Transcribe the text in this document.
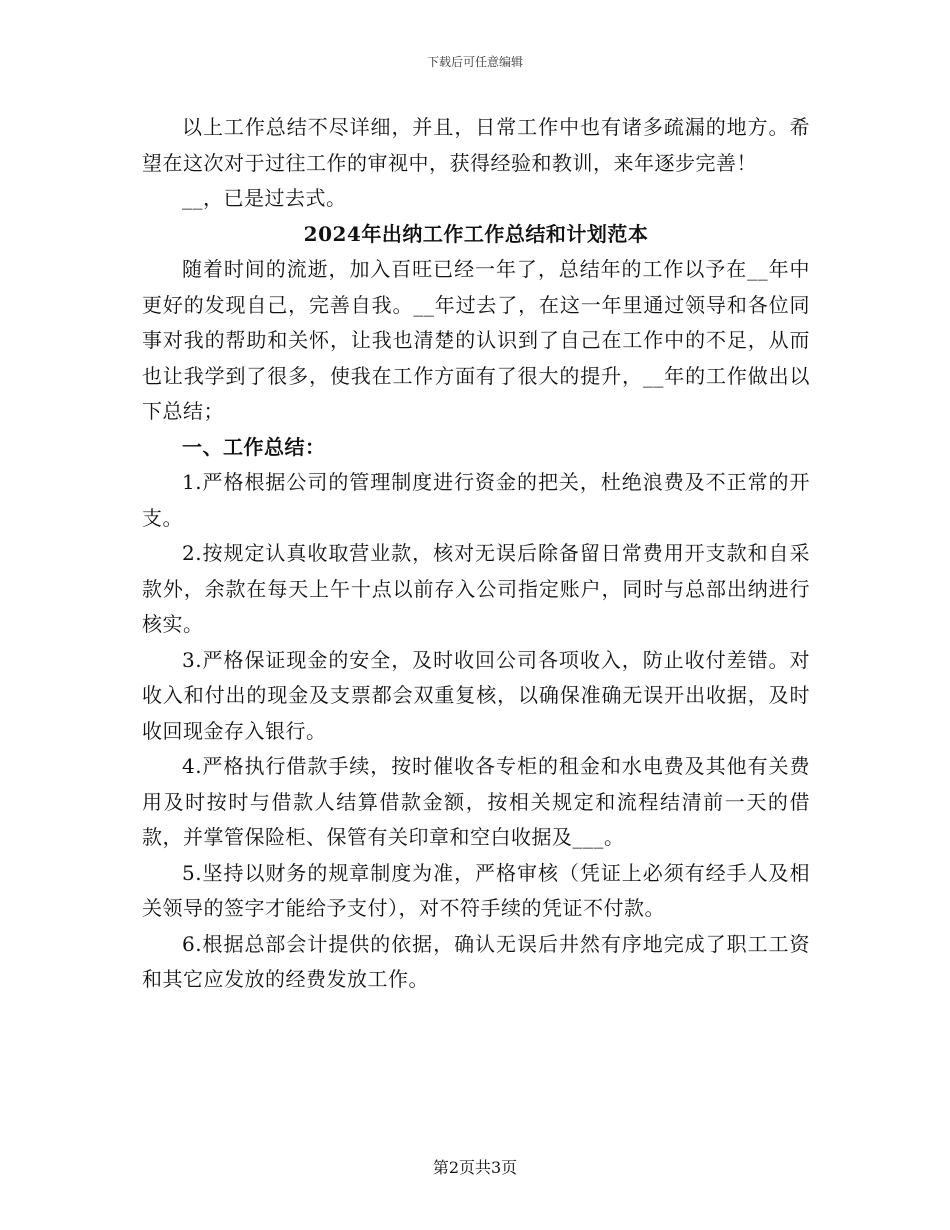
下载后可任意编辑

以上工作总结不尽详细，并且，日常工作中也有诸多疏漏的地方。希望在这次对于过往工作的审视中，获得经验和教训，来年逐步完善！

__，已是过去式。

2024年出纳工作工作总结和计划范本

随着时间的流逝，加入百旺已经一年了，总结年的工作以予在__年中更好的发现自己，完善自我。__年过去了，在这一年里通过领导和各位同事对我的帮助和关怀，让我也清楚的认识到了自己在工作中的不足，从而也让我学到了很多，使我在工作方面有了很大的提升，__年的工作做出以下总结；

一、工作总结：

1.严格根据公司的管理制度进行资金的把关，杜绝浪费及不正常的开支。

2.按规定认真收取营业款，核对无误后除备留日常费用开支款和自采款外，余款在每天上午十点以前存入公司指定账户，同时与总部出纳进行核实。

3.严格保证现金的安全，及时收回公司各项收入，防止收付差错。对收入和付出的现金及支票都会双重复核，以确保准确无误开出收据，及时收回现金存入银行。

4.严格执行借款手续，按时催收各专柜的租金和水电费及其他有关费用及时按时与借款人结算借款金额，按相关规定和流程结清前一天的借款，并掌管保险柜、保管有关印章和空白收据及___。

5.坚持以财务的规章制度为准，严格审核（凭证上必须有经手人及相关领导的签字才能给予支付），对不符手续的凭证不付款。

6.根据总部会计提供的依据，确认无误后井然有序地完成了职工工资和其它应发放的经费发放工作。

第2页共3页
